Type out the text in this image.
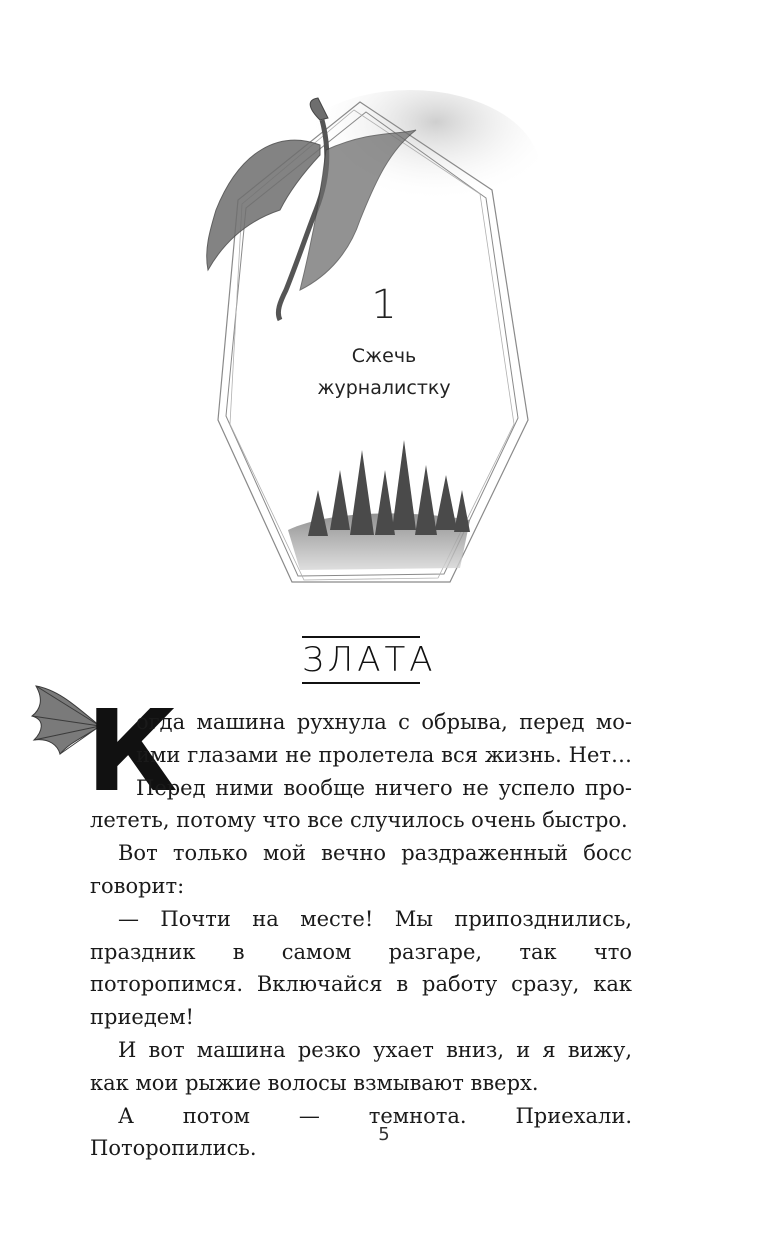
1
Сжечь
журналистку
ЗЛАТА
К

огда машина рухнула с обрыва, перед мо-
ими глазами не пролетела вся жизнь. Нет…
Перед ними вообще ничего не успело про-
лететь, потому что все случилось очень быстро.

Вот только мой вечно раздраженный босс говорит:

— Почти на месте! Мы припозднились, праздник в самом разгаре, так что поторопимся. Включайся в работу сразу, как приедем!

И вот машина резко ухает вниз, и я вижу, как мои рыжие волосы взмывают вверх.

А потом — темнота. Приехали. Поторопились.

5
